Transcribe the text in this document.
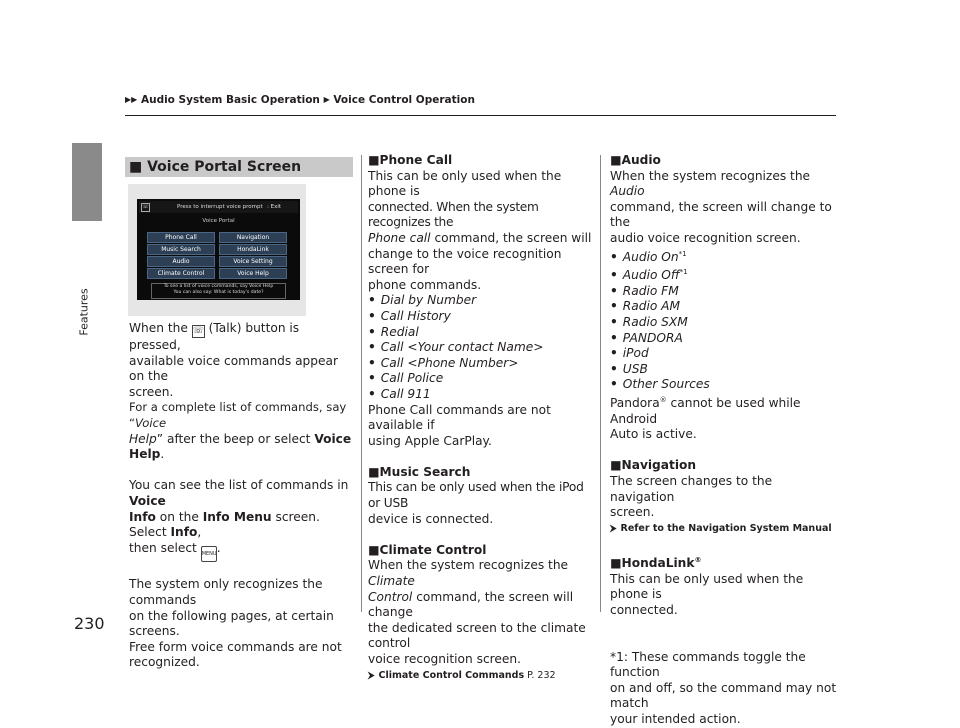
Features
▶▶ Audio System Basic Operation ▶ Voice Control Operation
230
■ Voice Portal Screen
☏	Press to interrupt voice prompt : Exit
Voice Portal
Phone Call	Navigation
Music Search	HondaLink
Audio	Voice Setting
Climate Control	Voice Help
To see a list of voice commands, say Voice Help
You can also say: What is today's date?

When the ☏ (Talk) button is pressed,

available voice commands appear on the

screen.

For a complete list of commands, say “Voice

Help” after the beep or select Voice Help.

You can see the list of commands in Voice

Info on the Info Menu screen. Select Info,

then select MENU.

The system only recognizes the commands

on the following pages, at certain screens.

Free form voice commands are not

recognized.

■Phone Call

This can be only used when the phone is

connected. When the system recognizes the

Phone call command, the screen will

change to the voice recognition screen for

phone commands.

• Dial by Number
• Call History
• Redial
• Call <Your contact Name>
• Call <Phone Number>
• Call Police
• Call 911

Phone Call commands are not available if

using Apple CarPlay.

■Music Search

This can be only used when the iPod or USB

device is connected.

■Climate Control

When the system recognizes the Climate

Control command, the screen will change

the dedicated screen to the climate control

voice recognition screen.

⮞ Climate Control Commands P. 232

■Audio

When the system recognizes the Audio

command, the screen will change to the

audio voice recognition screen.

• Audio On$^{*1}$
• Audio Off$^{*1}$
• Radio FM
• Radio AM
• Radio SXM
• PANDORA
• iPod
• USB
• Other Sources

Pandora® cannot be used while Android

Auto is active.

■Navigation

The screen changes to the navigation

screen.

⮞ Refer to the Navigation System Manual

■HondaLink®

This can be only used when the phone is

connected.

*1: These commands toggle the function

on and off, so the command may not match

your intended action.
